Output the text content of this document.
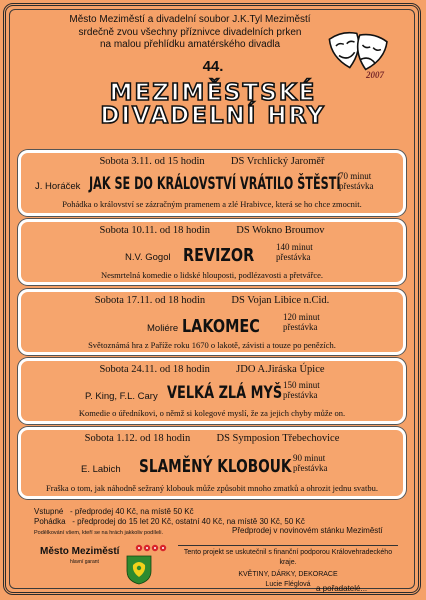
Město Meziměstí a divadelní soubor J.K.Tyl Meziměstí
srdečně zvou všechny příznivce divadelních prken
na malou přehlídku amatérského divadla
2007
44.
MEZIMĚSTSKÉ
DIVADELNÍ HRY
Sobota 3.11. od 15 hodin	DS Vrchlický Jaroměř
J. Horáček JAK SE DO KRÁLOVSTVÍ VRÁTILO ŠTĚSTÍ
70 minut
přestávka
Pohádka o království se zázračným pramenem a zlé Hrabivce, která se ho chce zmocnit.
Sobota 10.11. od 18 hodin	DS Wokno Broumov
N.V. Gogol REVIZOR 140 minut
přestávka
Nesmrtelná komedie o lidské hlouposti, podlézavosti a přetvářce.
Sobota 17.11. od 18 hodin	DS Vojan Libice n.Cid.
Moliére LAKOMEC	120 minut
přestávka
Světoznámá hra z Paříže roku 1670 o lakotě, závisti a touze po penězích.
Sobota 24.11. od 18 hodin	JDO A.Jiráska Úpice
P. King, F.L. Cary VELKÁ ZLÁ MYŠ 150 minut
přestávka
Komedie o úředníkovi, o němž si kolegové myslí, že za jejich chyby může on.
Sobota 1.12. od 18 hodin	DS Symposion Třebechovice
E. Labich SLAMĚNÝ KLOBOUK 90 minut
přestávka
Fraška o tom, jak náhodně sežraný klobouk může způsobit mnoho zmatků a ohrozit jednu svatbu.
Vstupné   - předprodej 40 Kč, na místě 50 Kč
Pohádka   - předprodej do 15 let 20 Kč, ostatní 40 Kč, na místě 30 Kč, 50 Kč
Předprodej v novinovém stánku Meziměstí
Podělkování všem, kteří se na hrách jakkoliv podíleli.
Město Meziměstí
hlavní garant
Tento projekt se uskutečnil s finanční podporou Královehradeckého kraje.
KVĚTINY, DÁRKY, DEKORACE
Lucie Fléglová a pořadatelé...
